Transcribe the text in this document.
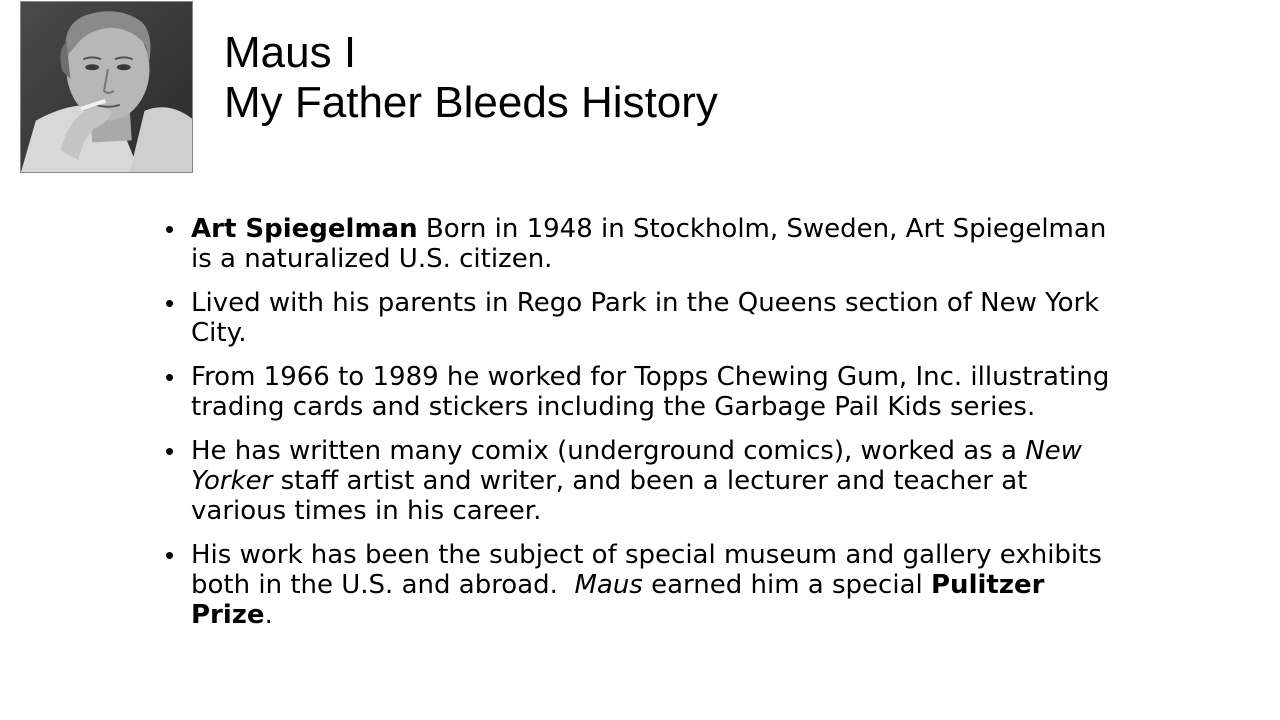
Maus I
My Father Bleeds History
• Art Spiegelman Born in 1948 in Stockholm, Sweden, Art Spiegelman is a naturalized U.S. citizen.
• Lived with his parents in Rego Park in the Queens section of New York City.
• From 1966 to 1989 he worked for Topps Chewing Gum, Inc. illustrating trading cards and stickers including the Garbage Pail Kids series.
• He has written many comix (underground comics), worked as a New Yorker staff artist and writer, and been a lecturer and teacher at various times in his career.
• His work has been the subject of special museum and gallery exhibits both in the U.S. and abroad.  Maus earned him a special Pulitzer Prize.
